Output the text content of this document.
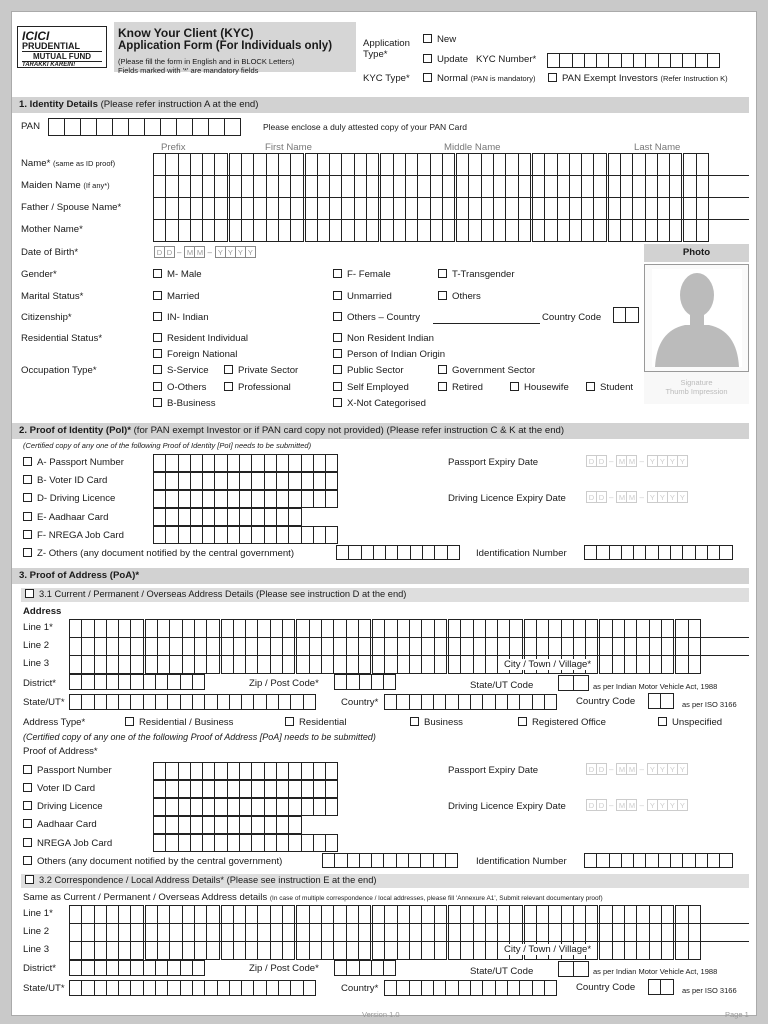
ICICI
PRUDENTIAL
MUTUAL FUND
TARAKKI KAREIN!
Know Your Client (KYC)
Application Form (For Individuals only)
(Please fill the form in English and in BLOCK Letters)
Fields marked with '*' are mandatory fields
Application Type*
New
Update KYC Number*
KYC Type*	Normal (PAN is mandatory)	PAN Exempt Investors (Refer Instruction K)
1. Identity Details (Please refer instruction A at the end)
PAN	Please enclose a duly attested copy of your PAN Card
Prefix	First Name	Middle Name	Last Name
Name* (same as ID proof)
Maiden Name (If any*)
Father / Spouse Name*
Mother Name*
Date of Birth*	D D – M M – Y Y Y Y	Photo

Signature
Thumb Impression
Gender*	M- Male	F- Female	T-Transgender
Marital Status*	Married	Unmarried	Others
Citizenship*	IN- Indian	Others – Country	Country Code
Residential Status*	Resident Individual	Non Resident Indian
Foreign National	Person of Indian Origin
Occupation Type*	S-Service	Private Sector	Public Sector	Government Sector
O-Others	Professional	Self Employed	Retired	Housewife	Student
B-Business	X-Not Categorised
2. Proof of Identity (PoI)* (for PAN exempt Investor or if PAN card copy not provided) (Please refer instruction C & K at the end)
(Certified copy of any one of the following Proof of Identity [PoI] needs to be submitted)
A- Passport Number
B- Voter ID Card
D- Driving Licence
E- Aadhaar Card
F- NREGA Job Card
Z- Others (any document notified by the central government)
Passport Expiry Date	D D – M M – Y Y Y Y
Driving Licence Expiry Date	D D – M M – Y Y Y Y
Identification Number
3. Proof of Address (PoA)*
3.1 Current / Permanent / Overseas Address Details (Please see instruction D at the end)
Address
Line 1*
Line 2
Line 3	City / Town / Village*
District*	Zip / Post Code*	State/UT Code	as per Indian Motor Vehicle Act, 1988
State/UT*	Country*	Country Code	as per ISO 3166
Address Type*	Residential / Business	Residential	Business	Registered Office	Unspecified
(Certified copy of any one of the following Proof of Address [PoA] needs to be submitted)
Proof of Address*
Passport Number
Voter ID Card
Driving Licence
Aadhaar Card
NREGA Job Card
Others (any document notified by the central government)
Passport Expiry Date	D D – M M – Y Y Y Y
Driving Licence Expiry Date	D D – M M – Y Y Y Y
Identification Number
3.2 Correspondence / Local Address Details* (Please see instruction E at the end)
Same as Current / Permanent / Overseas Address details (In case of multiple correspondence / local addresses, please fill 'Annexure A1', Submit relevant documentary proof)
Line 1*
Line 2
Line 3	City / Town / Village*
District*	Zip / Post Code*	State/UT Code	as per Indian Motor Vehicle Act, 1988
State/UT*	Country*	Country Code	as per ISO 3166
Version 1.0	Page 1
